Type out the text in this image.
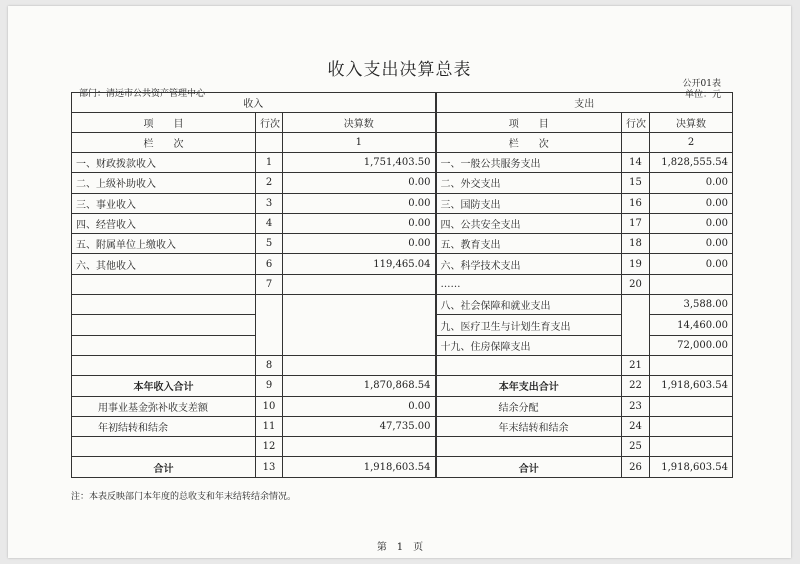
收入支出决算总表
公开01表
部门：清远市公共资产管理中心	单位：元
收入			支出		
项　　目	行次	决算数	项　　目	行次	决算数
栏　　次		1	栏　　次		2
一、财政拨款收入	1	1,751,403.50	一、一般公共服务支出	14	1,828,555.54
二、上级补助收入	2	0.00	二、外交支出	15	0.00
三、事业收入	3	0.00	三、国防支出	16	0.00
四、经营收入	4	0.00	四、公共安全支出	17	0.00
五、附属单位上缴收入	5	0.00	五、教育支出	18	0.00
六、其他收入	6	119,465.04	六、科学技术支出	19	0.00
	7		……	20	
			八、社会保障和就业支出		3,588.00
			九、医疗卫生与计划生育支出		14,460.00
			十九、住房保障支出		72,000.00
	8			21	
本年收入合计	9	1,870,868.54	本年支出合计	22	1,918,603.54
用事业基金弥补收支差额	10	0.00	结余分配	23	
年初结转和结余	11	47,735.00	年末结转和结余	24	
	12			25	
合计	13	1,918,603.54	合计	26	1,918,603.54
注：本表反映部门本年度的总收支和年末结转结余情况。
第　1　页
